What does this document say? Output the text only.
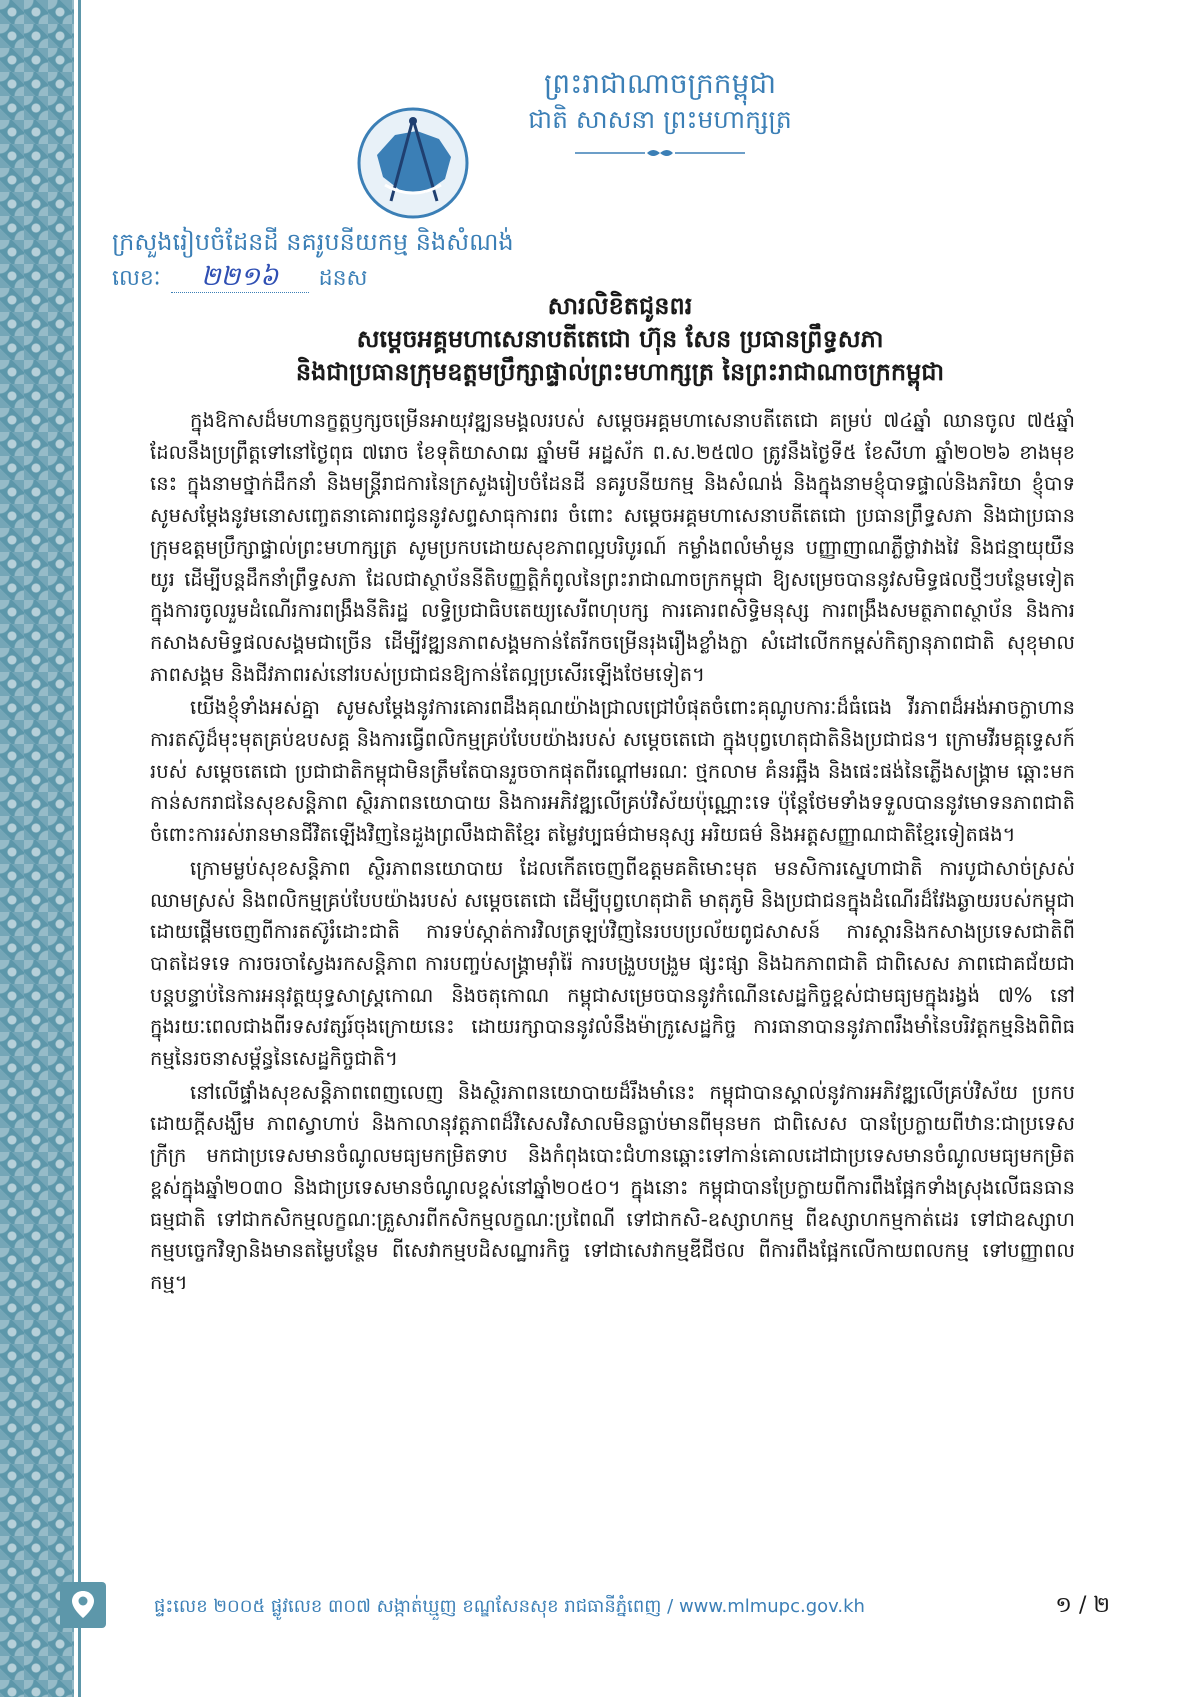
ព្រះរាជាណាចក្រកម្ពុជា
ជាតិ សាសនា ព្រះមហាក្សត្រ
ក្រសួងរៀបចំដែនដី នគរូបនីយកម្ម និងសំណង់
លេខៈ	២២១៦	ដនស
សារលិខិតជូនពរ
សម្តេចអគ្គមហាសេនាបតីតេជោ ហ៊ុន សែន ប្រធានព្រឹទ្ធសភា
និងជាប្រធានក្រុមឧត្តមប្រឹក្សាផ្ទាល់ព្រះមហាក្សត្រ នៃព្រះរាជាណាចក្រកម្ពុជា

ក្នុងឱកាសដ៏មហានក្ខត្តឫក្សចម្រើនអាយុវឌ្ឍនមង្គលរបស់ សម្តេចអគ្គមហាសេនាបតីតេជោ គម្រប់ ៧៤ឆ្នាំ ឈានចូល ៧៥ឆ្នាំ ដែលនឹងប្រព្រឹត្តទៅនៅថ្ងៃពុធ ៧រោច ខែទុតិយាសាឍ ឆ្នាំមមី អដ្ឋស័ក ព.ស.២៥៧០ ត្រូវនឹងថ្ងៃទី៥ ខែសីហា ឆ្នាំ២០២៦ ខាងមុខនេះ ក្នុងនាមថ្នាក់ដឹកនាំ និងមន្ត្រីរាជការនៃក្រសួងរៀបចំដែនដី នគរូបនីយកម្ម និងសំណង់ និងក្នុងនាមខ្ញុំបាទផ្ទាល់និងភរិយា ខ្ញុំបាទសូមសម្តែងនូវមនោសញ្ចេតនាគោរពជូននូវសព្ទសាធុការពរ ចំពោះ សម្តេចអគ្គមហាសេនាបតីតេជោ ប្រធានព្រឹទ្ធសភា និងជាប្រធានក្រុមឧត្តមប្រឹក្សាផ្ទាល់ព្រះមហាក្សត្រ សូមប្រកបដោយសុខភាពល្អបរិបូរណ៍ កម្លាំងពលំមាំមួន បញ្ញាញាណភ្លឺថ្លាវាងវៃ និងជន្មាយុយឺនយូរ ដើម្បីបន្តដឹកនាំព្រឹទ្ធសភា ដែលជាស្ថាប័ននីតិបញ្ញត្តិកំពូលនៃព្រះរាជាណាចក្រកម្ពុជា ឱ្យសម្រេចបាននូវសមិទ្ធផលថ្មីៗបន្ថែមទៀត ក្នុងការចូលរួមដំណើរការពង្រឹងនីតិរដ្ឋ លទ្ធិប្រជាធិបតេយ្យសេរីពហុបក្ស ការគោរពសិទ្ធិមនុស្ស ការពង្រឹងសមត្ថភាពស្ថាប័ន និងការកសាងសមិទ្ធផលសង្គមជាច្រើន ដើម្បីវឌ្ឍនភាពសង្គមកាន់តែរីកចម្រើនរុងរឿងខ្លាំងក្លា សំដៅលើកកម្ពស់កិត្យានុភាពជាតិ សុខុមាលភាពសង្គម និងជីវភាពរស់នៅរបស់ប្រជាជនឱ្យកាន់តែល្អប្រសើរឡើងថែមទៀត។

យើងខ្ញុំទាំងអស់គ្នា សូមសម្តែងនូវការគោរពដឹងគុណយ៉ាងជ្រាលជ្រៅបំផុតចំពោះគុណូបការៈដ៏ធំធេង វីរភាពដ៏អង់អាចក្លាហាន ការតស៊ូដ៏មុះមុតគ្រប់ឧបសគ្គ និងការធ្វើពលិកម្មគ្រប់បែបយ៉ាងរបស់ សម្តេចតេជោ ក្នុងបុព្វហេតុជាតិនិងប្រជាជន។ ក្រោមវីរមគ្គុទ្ទេសក៍របស់ សម្តេចតេជោ ប្រជាជាតិកម្ពុជាមិនត្រឹមតែបានរួចចាកផុតពីរណ្តៅមរណៈ ថ្មកលាម គំនរឆ្អឹង និងផេះផង់នៃភ្លើងសង្គ្រាម ឆ្ពោះមកកាន់សករាជនៃសុខសន្តិភាព ស្ថិរភាពនយោបាយ និងការអភិវឌ្ឍលើគ្រប់វិស័យប៉ុណ្ណោះទេ ប៉ុន្តែថែមទាំងទទួលបាននូវមោទនភាពជាតិចំពោះការរស់រានមានជីវិតឡើងវិញនៃដួងព្រលឹងជាតិខ្មែរ តម្លៃវប្បធម៌ជាមនុស្ស អរិយធម៌ និងអត្តសញ្ញាណជាតិខ្មែរទៀតផង។

ក្រោមម្លប់សុខសន្តិភាព ស្ថិរភាពនយោបាយ ដែលកើតចេញពីឧត្តមគតិមោះមុត មនសិការស្នេហាជាតិ ការបូជាសាច់ស្រស់ឈាមស្រស់ និងពលិកម្មគ្រប់បែបយ៉ាងរបស់ សម្តេចតេជោ ដើម្បីបុព្វហេតុជាតិ មាតុភូមិ និងប្រជាជនក្នុងដំណើរដ៏វែងឆ្ងាយរបស់កម្ពុជា ដោយផ្តើមចេញពីការតស៊ូរំដោះជាតិ ការទប់ស្កាត់ការវិលត្រឡប់វិញនៃរបបប្រល័យពូជសាសន៍ ការស្តារនិងកសាងប្រទេសជាតិពីបាតដៃទទេ ការចរចាស្វែងរកសន្តិភាព ការបញ្ចប់សង្គ្រាមរ៉ាំរ៉ៃ ការបង្រួបបង្រួម ផ្សះផ្សា និងឯកភាពជាតិ ជាពិសេស ភាពជោគជ័យជាបន្តបន្ទាប់នៃការអនុវត្តយុទ្ធសាស្ត្រកោណ និងចតុកោណ កម្ពុជាសម្រេចបាននូវកំណើនសេដ្ឋកិច្ចខ្ពស់ជាមធ្យមក្នុងរង្វង់ ៧% នៅក្នុងរយៈពេលជាងពីរទសវត្សរ៍ចុងក្រោយនេះ ដោយរក្សាបាននូវលំនឹងម៉ាក្រូសេដ្ឋកិច្ច ការធានាបាននូវភាពរឹងមាំនៃបរិវត្តកម្មនិងពិពិធកម្មនៃរចនាសម្ព័ន្ធនៃសេដ្ឋកិច្ចជាតិ។

នៅលើផ្ទាំងសុខសន្តិភាពពេញលេញ និងស្ថិរភាពនយោបាយដ៏រឹងមាំនេះ កម្ពុជាបានស្គាល់នូវការអភិវឌ្ឍលើគ្រប់វិស័យ ប្រកបដោយក្តីសង្ឃឹម ភាពស្វាហាប់ និងកាលានុវត្តភាពដ៏វិសេសវិសាលមិនធ្លាប់មានពីមុនមក ជាពិសេស បានប្រែក្លាយពីឋានៈជាប្រទេសក្រីក្រ មកជាប្រទេសមានចំណូលមធ្យមកម្រិតទាប និងកំពុងបោះជំហានឆ្ពោះទៅកាន់គោលដៅជាប្រទេសមានចំណូលមធ្យមកម្រិតខ្ពស់ក្នុងឆ្នាំ២០៣០ និងជាប្រទេសមានចំណូលខ្ពស់នៅឆ្នាំ២០៥០។ ក្នុងនោះ កម្ពុជាបានប្រែក្លាយពីការពឹងផ្អែកទាំងស្រុងលើធនធានធម្មជាតិ ទៅជាកសិកម្មលក្ខណៈគ្រួសារពីកសិកម្មលក្ខណៈប្រពៃណី ទៅជាកសិ-ឧស្សាហកម្ម ពីឧស្សាហកម្មកាត់ដេរ ទៅជាឧស្សាហកម្មបច្ចេកវិទ្យានិងមានតម្លៃបន្ថែម ពីសេវាកម្មបដិសណ្ឋារកិច្ច ទៅជាសេវាកម្មឌីជីថល ពីការពឹងផ្អែកលើកាយពលកម្ម ទៅបញ្ញាពលកម្ម។

ផ្ទះលេខ ២០០៥ ផ្លូវលេខ ៣០៧ សង្កាត់ឃ្មួញ ខណ្ឌសែនសុខ រាជធានីភ្នំពេញ / www.mlmupc.gov.kh	១ / ២
